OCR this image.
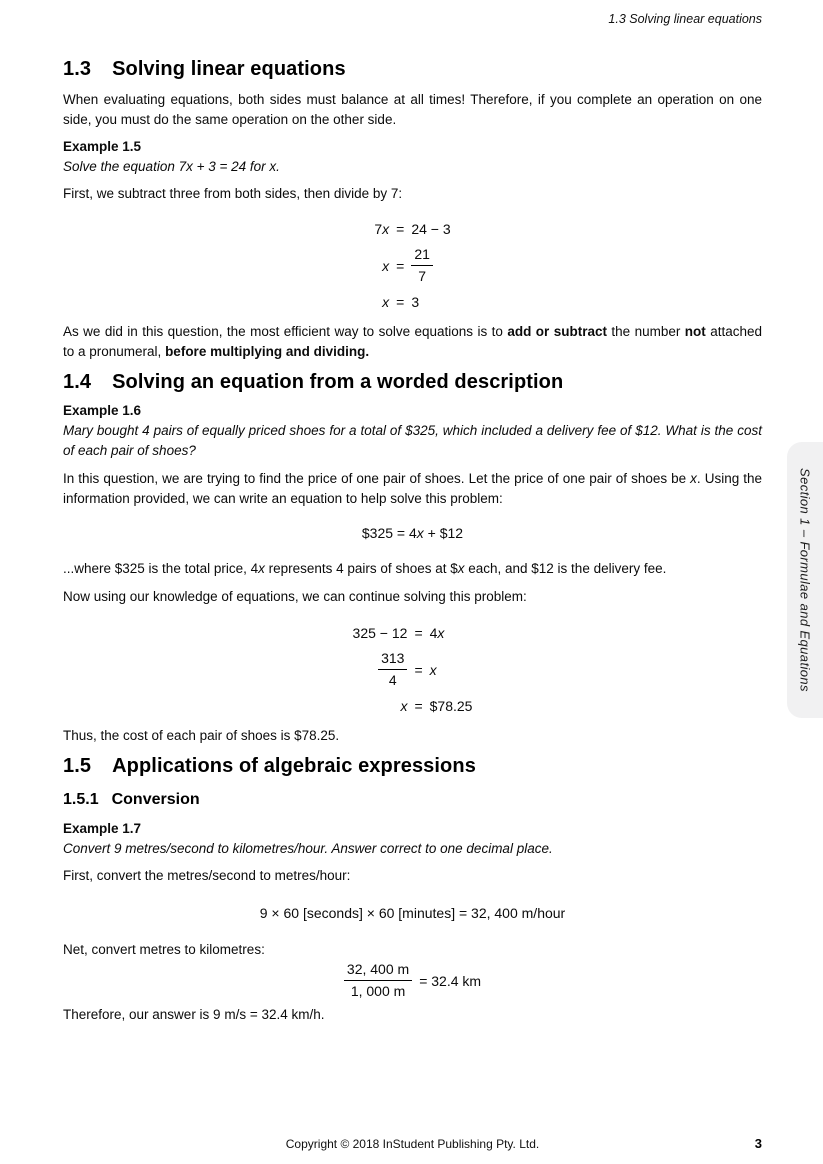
1.3 Solving linear equations
1.3 Solving linear equations

When evaluating equations, both sides must balance at all times! Therefore, if you complete an operation on one side, you must do the same operation on the other side.

Example 1.5

Solve the equation 7x + 3 = 24 for x.

First, we subtract three from both sides, then divide by 7:

7x = 24 − 3
$x = \frac{21}{7}$
x = 3

As we did in this question, the most efficient way to solve equations is to add or subtract the number not attached to a pronumeral, before multiplying and dividing.

1.4 Solving an equation from a worded description

Example 1.6

Mary bought 4 pairs of equally priced shoes for a total of $325, which included a delivery fee of $12. What is the cost of each pair of shoes?

In this question, we are trying to find the price of one pair of shoes. Let the price of one pair of shoes be x. Using the information provided, we can write an equation to help solve this problem:

$325 = 4x + $12

...where $325 is the total price, 4x represents 4 pairs of shoes at $x each, and $12 is the delivery fee.

Now using our knowledge of equations, we can continue solving this problem:

325 − 12 = 4x
$\frac{313}{4} = x$
x = $78.25

Thus, the cost of each pair of shoes is $78.25.

1.5 Applications of algebraic expressions
1.5.1 Conversion

Example 1.7

Convert 9 metres/second to kilometres/hour. Answer correct to one decimal place.

First, convert the metres/second to metres/hour:

9 × 60 [seconds] × 60 [minutes] = 32, 400 m/hour

Net, convert metres to kilometres:

$\frac{32, 400 m}{1, 000 m} = 32.4$ km

Therefore, our answer is 9 m/s = 32.4 km/h.

Section 1 – Formulae and Equations
Copyright © 2018 InStudent Publishing Pty. Ltd.	3
